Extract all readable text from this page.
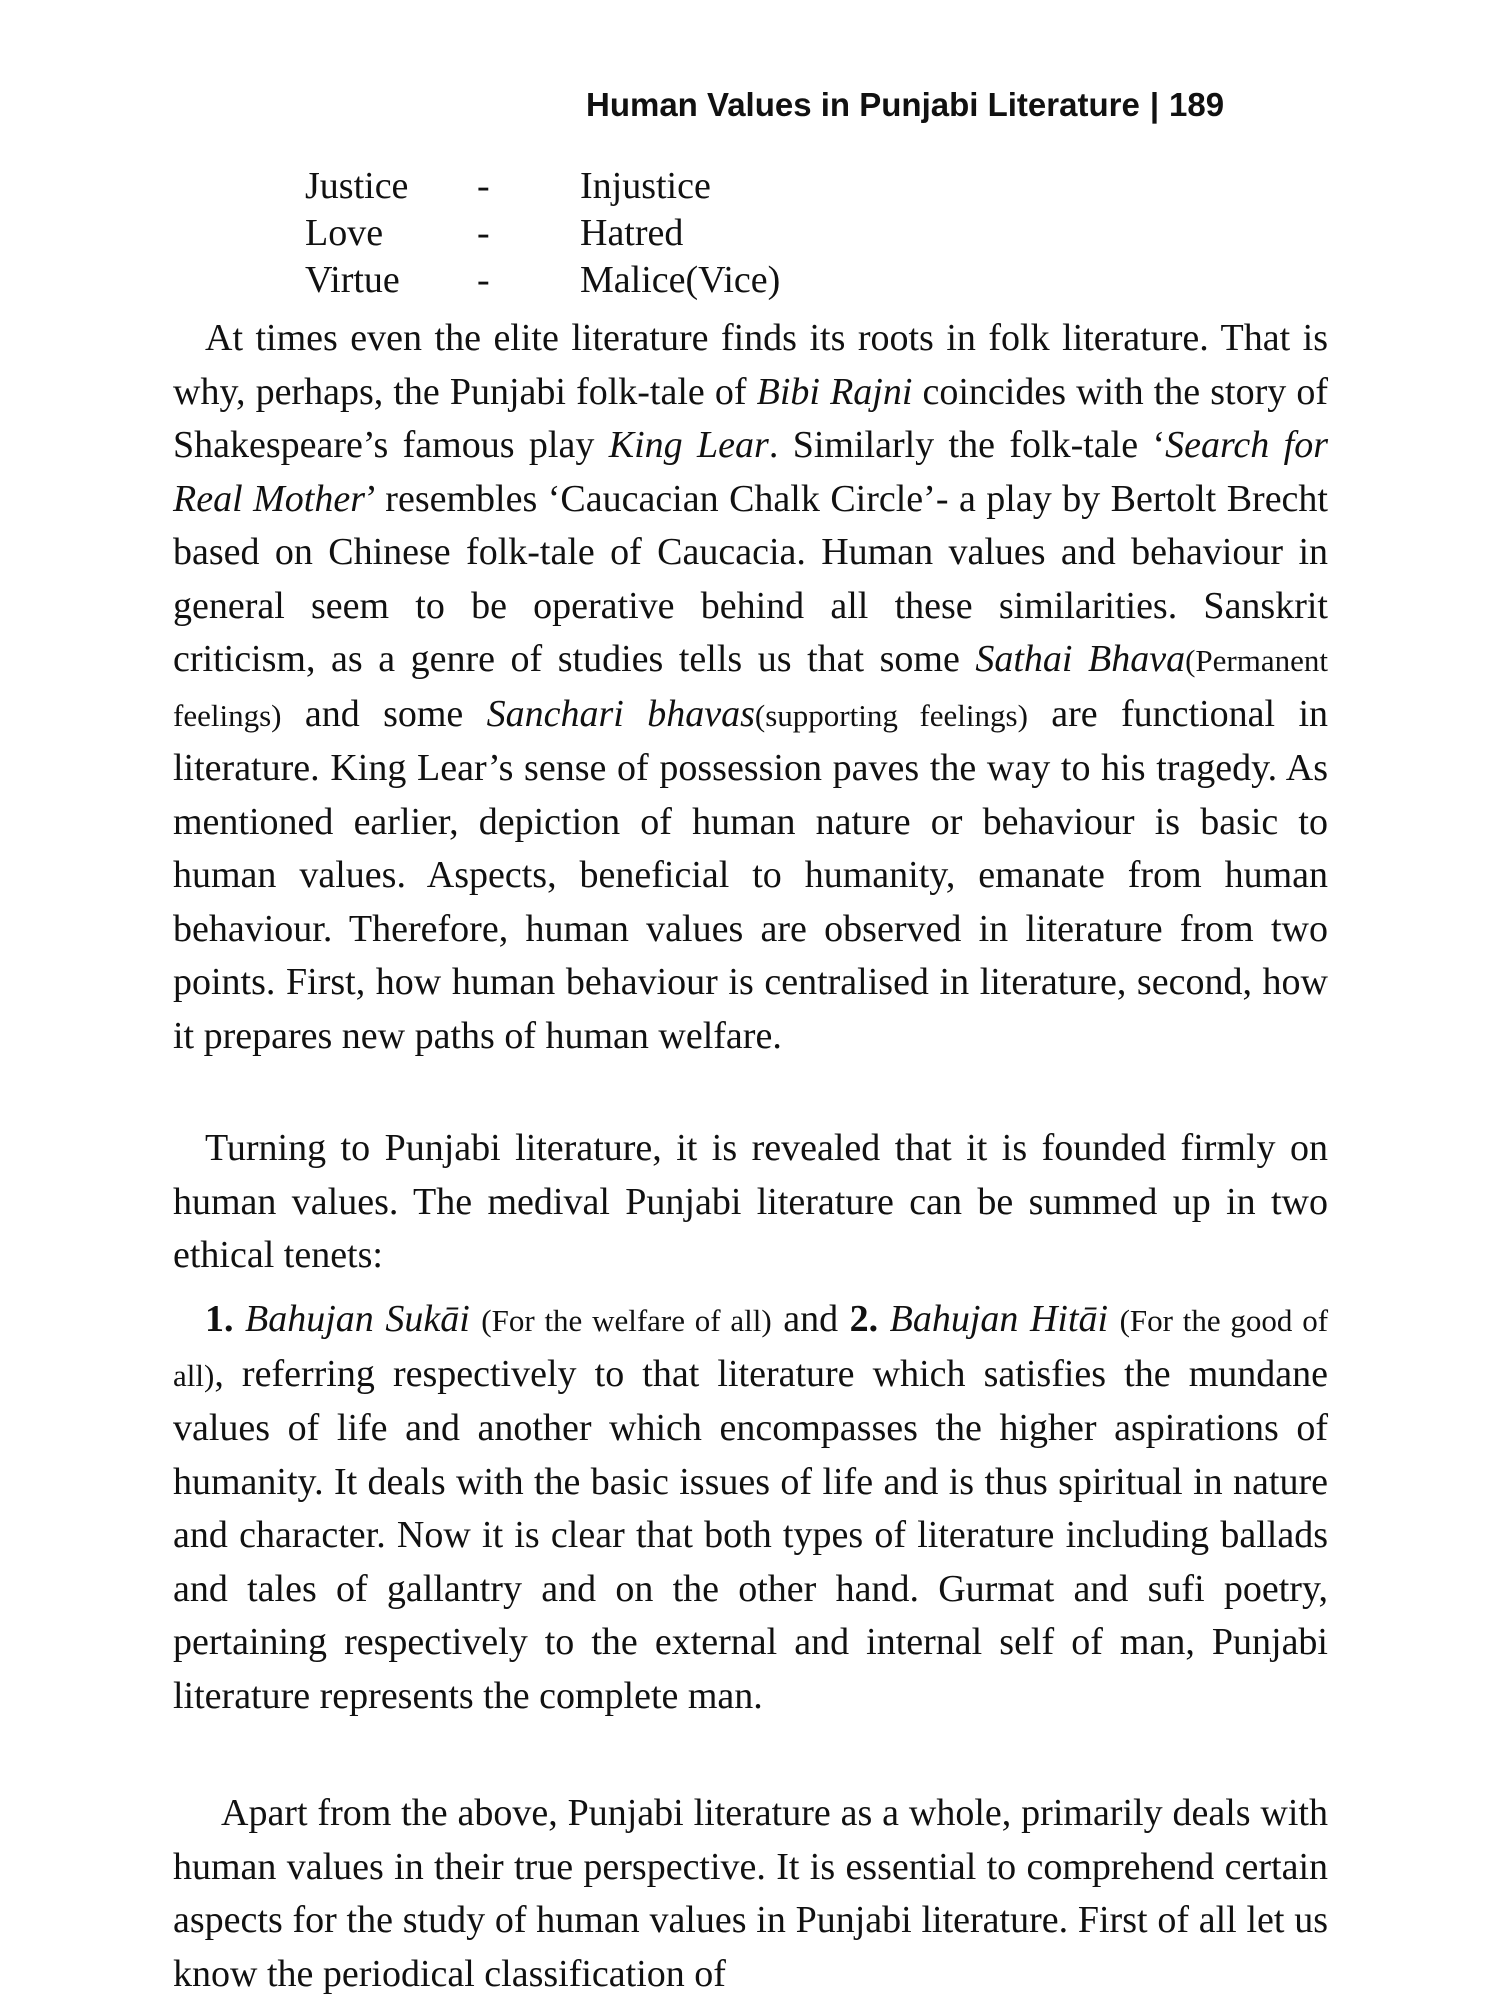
Human Values in Punjabi Literature | 189
Justice	-	Injustice
Love	-	Hatred
Virtue	-	Malice(Vice)

At times even the elite literature finds its roots in folk literature. That is why, perhaps, the Punjabi folk-tale of Bibi Rajni coincides with the story of Shakespeare’s famous play King Lear. Similarly the folk-tale ‘Search for Real Mother’ resembles ‘Caucacian Chalk Circle’- a play by Bertolt Brecht based on Chinese folk-tale of Caucacia. Human values and behaviour in general seem to be operative behind all these similarities. Sanskrit criticism, as a genre of studies tells us that some Sathai Bhava(Permanent feelings) and some Sanchari bhavas(supporting feelings) are functional in literature. King Lear’s sense of possession paves the way to his tragedy. As mentioned earlier, depiction of human nature or behaviour is basic to human values. Aspects, beneficial to humanity, emanate from human behaviour. Therefore, human values are observed in literature from two points. First, how human behaviour is centralised in literature, second, how it prepares new paths of human welfare.

Turning to Punjabi literature, it is revealed that it is founded firmly on human values. The medival Punjabi literature can be summed up in two ethical tenets:

1. Bahujan Sukāi (For the welfare of all) and 2. Bahujan Hitāi (For the good of all), referring respectively to that literature which satisfies the mundane values of life and another which encompasses the higher aspirations of humanity. It deals with the basic issues of life and is thus spiritual in nature and character. Now it is clear that both types of literature including ballads and tales of gallantry and on the other hand. Gurmat and sufi poetry, pertaining respectively to the external and internal self of man, Punjabi literature represents the complete man.

Apart from the above, Punjabi literature as a whole, primarily deals with human values in their true perspective. It is essential to comprehend certain aspects for the study of human values in Punjabi literature. First of all let us know the periodical classification of
